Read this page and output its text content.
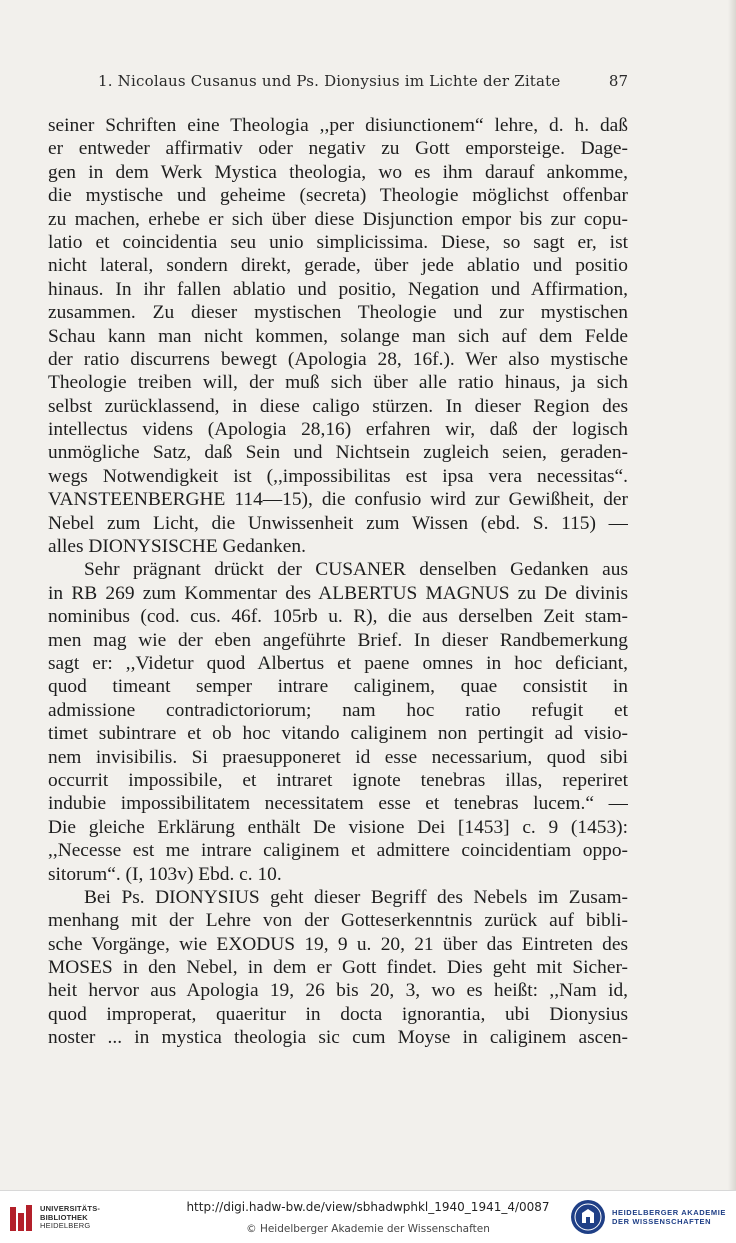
1. Nicolaus Cusanus und Ps. Dionysius im Lichte der Zitate	87
seiner Schriften eine Theologia ,,per disiunctionem“ lehre, d. h. daß
er entweder affirmativ oder negativ zu Gott emporsteige. Dage-
gen in dem Werk Mystica theologia, wo es ihm darauf ankomme,
die mystische und geheime (secreta) Theologie möglichst offenbar
zu machen, erhebe er sich über diese Disjunction empor bis zur copu-
latio et coincidentia seu unio simplicissima. Diese, so sagt er, ist
nicht lateral, sondern direkt, gerade, über jede ablatio und positio
hinaus. In ihr fallen ablatio und positio, Negation und Affirmation,
zusammen. Zu dieser mystischen Theologie und zur mystischen
Schau kann man nicht kommen, solange man sich auf dem Felde
der ratio discurrens bewegt (Apologia 28, 16f.). Wer also mystische
Theologie treiben will, der muß sich über alle ratio hinaus, ja sich
selbst zurücklassend, in diese caligo stürzen. In dieser Region des
intellectus videns (Apologia 28,16) erfahren wir, daß der logisch
unmögliche Satz, daß Sein und Nichtsein zugleich seien, geraden-
wegs Notwendigkeit ist (,,impossibilitas est ipsa vera necessitas“.
VANSTEENBERGHE 114—15), die confusio wird zur Gewißheit, der
Nebel zum Licht, die Unwissenheit zum Wissen (ebd. S. 115) —
alles DIONYSISCHE Gedanken.
Sehr prägnant drückt der CUSANER denselben Gedanken aus
in RB 269 zum Kommentar des ALBERTUS MAGNUS zu De divinis
nominibus (cod. cus. 46f. 105rb u. R), die aus derselben Zeit stam-
men mag wie der eben angeführte Brief. In dieser Randbemerkung
sagt er: ,,Videtur quod Albertus et paene omnes in hoc deficiant,
quod timeant semper intrare caliginem, quae consistit in
admissione contradictoriorum; nam hoc ratio refugit et
timet subintrare et ob hoc vitando caliginem non pertingit ad visio-
nem invisibilis. Si praesupponeret id esse necessarium, quod sibi
occurrit impossibile, et intraret ignote tenebras illas, reperiret
indubie impossibilitatem necessitatem esse et tenebras lucem.“ —
Die gleiche Erklärung enthält De visione Dei [1453] c. 9 (1453):
,,Necesse est me intrare caliginem et admittere coincidentiam oppo-
sitorum“. (I, 103v) Ebd. c. 10.
Bei Ps. DIONYSIUS geht dieser Begriff des Nebels im Zusam-
menhang mit der Lehre von der Gotteserkenntnis zurück auf bibli-
sche Vorgänge, wie EXODUS 19, 9 u. 20, 21 über das Eintreten des
MOSES in den Nebel, in dem er Gott findet. Dies geht mit Sicher-
heit hervor aus Apologia 19, 26 bis 20, 3, wo es heißt: ,,Nam id,
quod improperat, quaeritur in docta ignorantia, ubi Dionysius
noster ... in mystica theologia sic cum Moyse in caliginem ascen-
UNIVERSITÄTS-
BIBLIOTHEK
HEIDELBERG
http://digi.hadw-bw.de/view/sbhadwphkl_1940_1941_4/0087
© Heidelberger Akademie der Wissenschaften
HEIDELBERGER AKADEMIE
DER WISSENSCHAFTEN
